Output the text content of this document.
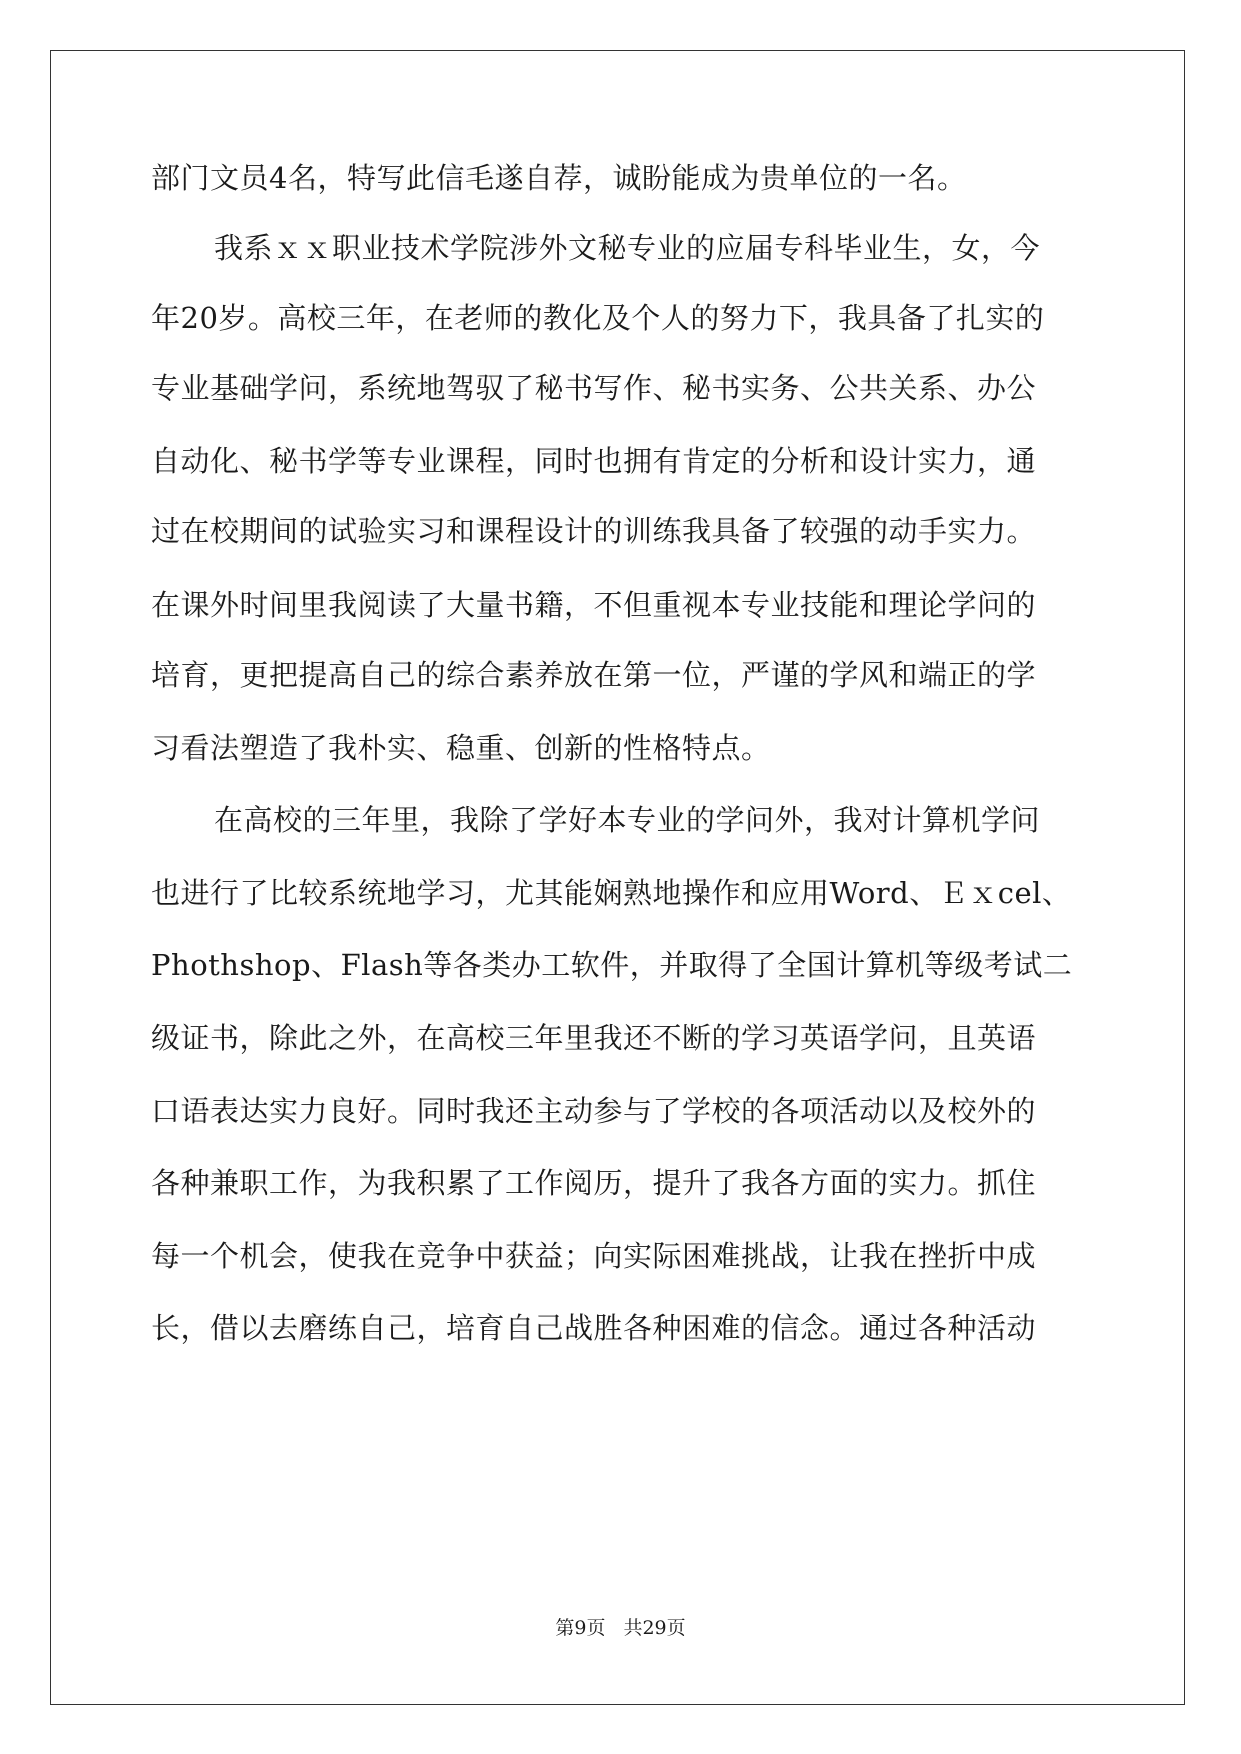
部门文员4名，特写此信毛遂自荐，诚盼能成为贵单位的一名。
我系ｘｘ职业技术学院涉外文秘专业的应届专科毕业生，女，今
年20岁。高校三年，在老师的教化及个人的努力下，我具备了扎实的
专业基础学问，系统地驾驭了秘书写作、秘书实务、公共关系、办公
自动化、秘书学等专业课程，同时也拥有肯定的分析和设计实力，通
过在校期间的试验实习和课程设计的训练我具备了较强的动手实力。
在课外时间里我阅读了大量书籍，不但重视本专业技能和理论学问的
培育，更把提高自己的综合素养放在第一位，严谨的学风和端正的学
习看法塑造了我朴实、稳重、创新的性格特点。
在高校的三年里，我除了学好本专业的学问外，我对计算机学问
也进行了比较系统地学习，尤其能娴熟地操作和应用Word、Ｅｘcel、
Phothshop、Flash等各类办工软件，并取得了全国计算机等级考试二
级证书，除此之外，在高校三年里我还不断的学习英语学问，且英语
口语表达实力良好。同时我还主动参与了学校的各项活动以及校外的
各种兼职工作，为我积累了工作阅历，提升了我各方面的实力。抓住
每一个机会，使我在竞争中获益；向实际困难挑战，让我在挫折中成
长，借以去磨练自己，培育自己战胜各种困难的信念。通过各种活动
第9页 共29页
